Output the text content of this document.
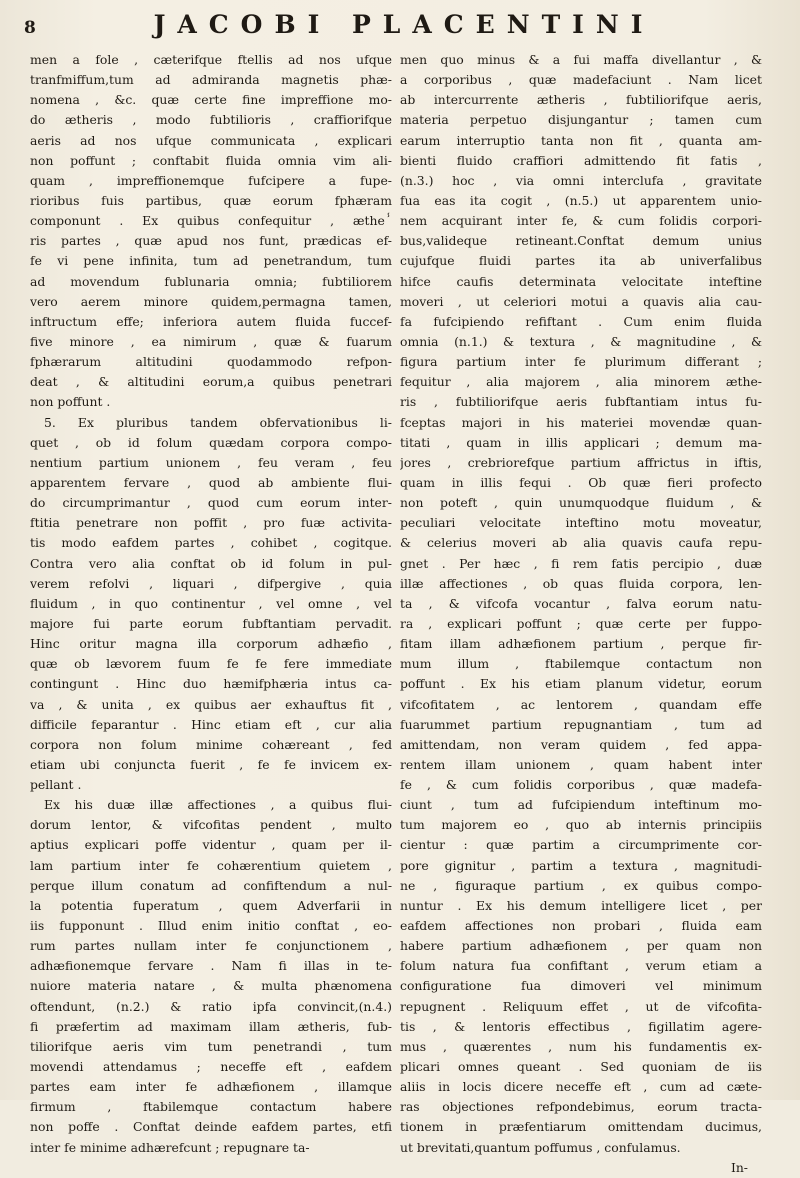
8	JACOBI PLACENTINI
men a fole , cæterifque ftellis ad nos ufque
tranfmiffum,tum ad admiranda magnetis phæ-
nomena , &c. quæ certe fine impreffione mo-
do ætheris , modo fubtilioris , craffiorifque
aeris ad nos ufque communicata , explicari
non poffunt ; conftabit fluida omnia vim ali-
quam , impreffionemque fufcipere a fupe-
rioribus fuis partibus, quæ eorum fphæram
componunt . Ex quibus confequitur , ætheⸯ
ris partes , quæ apud nos funt, prædicas ef-
fe vi pene infinita, tum ad penetrandum, tum
ad movendum fublunaria omnia; fubtiliorem
vero aerem minore quidem,permagna tamen,
inftructum effe; inferiora autem fluida fuccef-
five minore , ea nimirum , quæ & fuarum
fphærarum altitudini quodammodo refpon-
deat , & altitudini eorum,a quibus penetrari
non poffunt .
5. Ex pluribus tandem obfervationibus li-
quet , ob id folum quædam corpora compo-
nentium partium unionem , feu veram , feu
apparentem fervare , quod ab ambiente flui-
do circumprimantur , quod cum eorum inter-
ftitia penetrare non poffit , pro fuæ activita-
tis modo eafdem partes , cohibet , cogitque.
Contra vero alia conftat ob id folum in pul-
verem refolvi , liquari , difpergive , quia
fluidum , in quo continentur , vel omne , vel
majore fui parte eorum fubftantiam pervadit.
Hinc oritur magna illa corporum adhæfio ,
quæ ob lævorem fuum fe fe fere immediate
contingunt . Hinc duo hæmifphæria intus ca-
va , & unita , ex quibus aer exhauftus fit ,
difficile feparantur . Hinc etiam eft , cur alia
corpora non folum minime cohæreant , fed
etiam ubi conjuncta fuerit , fe fe invicem ex-
pellant .
Ex his duæ illæ affectiones , a quibus flui-
dorum lentor, & vifcofitas pendent , multo
aptius explicari poffe videntur , quam per il-
lam partium inter fe cohærentium quietem ,
perque illum conatum ad confiftendum a nul-
la potentia fuperatum , quem Adverfarii in
iis fupponunt . Illud enim initio conftat , eo-
rum partes nullam inter fe conjunctionem ,
adhæfionemque fervare . Nam fi illas in te-
nuiore materia natare , & multa phænomena
oftendunt, (n.2.) & ratio ipfa convincit,(n.4.)
fi præfertim ad maximam illam ætheris, fub-
tiliorifque aeris vim tum penetrandi , tum
movendi attendamus ; neceffe eft , eafdem
partes eam inter fe adhæfionem , illamque
firmum , ftabilemque contactum habere
non poffe . Conftat deinde eafdem partes, etfi
inter fe minime adhærefcunt ; repugnare ta-
men quo minus & a fui maffa divellantur , &
a corporibus , quæ madefaciunt . Nam licet
ab intercurrente ætheris , fubtiliorifque aeris,
materia perpetuo disjungantur ; tamen cum
earum interruptio tanta non fit , quanta am-
bienti fluido craffiori admittendo fit fatis ,
(n.3.) hoc , via omni interclufa , gravitate
fua eas ita cogit , (n.5.) ut apparentem unio-
nem acquirant inter fe, & cum folidis corpori-
bus,valideque retineant.Conftat demum unius
cujufque fluidi partes ita ab univerfalibus
hifce caufis determinata velocitate inteftine
moveri , ut celeriori motui a quavis alia cau-
fa fufcipiendo refiftant . Cum enim fluida
omnia (n.1.) & textura , & magnitudine , &
figura partium inter fe plurimum differant ;
fequitur , alia majorem , alia minorem æthe-
ris , fubtiliorifque aeris fubftantiam intus fu-
fceptas majori in his materiei movendæ quan-
titati , quam in illis applicari ; demum ma-
jores , crebriorefque partium affrictus in iftis,
quam in illis fequi . Ob quæ fieri profecto
non poteft , quin unumquodque fluidum , &
peculiari velocitate inteftino motu moveatur,
& celerius moveri ab alia quavis caufa repu-
gnet . Per hæc , fi rem fatis percipio , duæ
illæ affectiones , ob quas fluida corpora, len-
ta , & vifcofa vocantur , falva eorum natu-
ra , explicari poffunt ; quæ certe per fuppo-
fitam illam adhæfionem partium , perque fir-
mum illum , ftabilemque contactum non
poffunt . Ex his etiam planum videtur, eorum
vifcofitatem , ac lentorem , quandam effe
fuarummet partium repugnantiam , tum ad
amittendam, non veram quidem , fed appa-
rentem illam unionem , quam habent inter
fe , & cum folidis corporibus , quæ madefa-
ciunt , tum ad fufcipiendum inteftinum mo-
tum majorem eo , quo ab internis principiis
cientur : quæ partim a circumprimente cor-
pore gignitur , partim a textura , magnitudi-
ne , figuraque partium , ex quibus compo-
nuntur . Ex his demum intelligere licet , per
eafdem affectiones non probari , fluida eam
habere partium adhæfionem , per quam non
folum natura fua confiftant , verum etiam a
configuratione fua dimoveri vel minimum
repugnent . Reliquum effet , ut de vifcofita-
tis , & lentoris effectibus , figillatim agere-
mus , quærentes , num his fundamentis ex-
plicari omnes queant . Sed quoniam de iis
aliis in locis dicere neceffe eft , cum ad cæte-
ras objectiones refpondebimus, eorum tracta-
tionem in præfentiarum omittendam ducimus,
ut brevitati,quantum poffumus , confulamus.
In-
